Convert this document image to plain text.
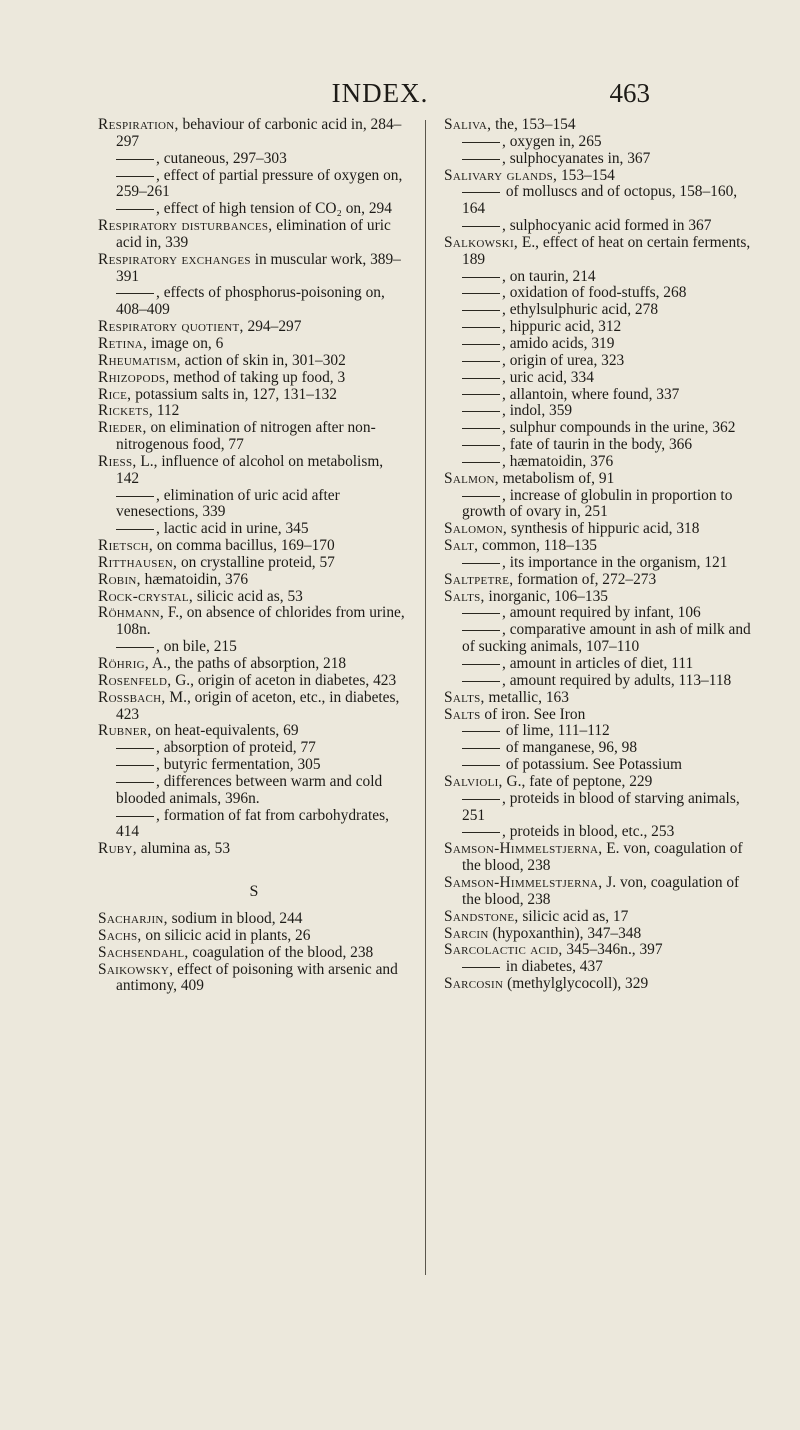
INDEX.	463

Respiration, behaviour of carbonic acid in, 284–297

, cutaneous, 297–303

, effect of partial pressure of oxygen on, 259–261

, effect of high tension of CO₂ on, 294

Respiratory disturbances, elimination of uric acid in, 339

Respiratory exchanges in muscular work, 389–391

, effects of phosphorus-poisoning on, 408–409

Respiratory quotient, 294–297

Retina, image on, 6

Rheumatism, action of skin in, 301–302

Rhizopods, method of taking up food, 3

Rice, potassium salts in, 127, 131–132

Rickets, 112

Rieder, on elimination of nitrogen after non-nitrogenous food, 77

Riess, L., influence of alcohol on metabolism, 142

, elimination of uric acid after venesections, 339

, lactic acid in urine, 345

Rietsch, on comma bacillus, 169–170

Ritthausen, on crystalline proteid, 57

Robin, hæmatoidin, 376

Rock-crystal, silicic acid as, 53

Röhmann, F., on absence of chlorides from urine, 108n.

, on bile, 215

Röhrig, A., the paths of absorption, 218

Rosenfeld, G., origin of aceton in diabetes, 423

Rossbach, M., origin of aceton, etc., in diabetes, 423

Rubner, on heat-equivalents, 69

, absorption of proteid, 77

, butyric fermentation, 305

, differences between warm and cold blooded animals, 396n.

, formation of fat from carbohydrates, 414

Ruby, alumina as, 53

S

Sacharjin, sodium in blood, 244

Sachs, on silicic acid in plants, 26

Sachsendahl, coagulation of the blood, 238

Saikowsky, effect of poisoning with arsenic and antimony, 409

Saliva, the, 153–154

, oxygen in, 265

, sulphocyanates in, 367

Salivary glands, 153–154

of molluscs and of octopus, 158–160, 164

, sulphocyanic acid formed in 367

Salkowski, E., effect of heat on certain ferments, 189

, on taurin, 214

, oxidation of food-stuffs, 268

, ethylsulphuric acid, 278

, hippuric acid, 312

, amido acids, 319

, origin of urea, 323

, uric acid, 334

, allantoin, where found, 337

, indol, 359

, sulphur compounds in the urine, 362

, fate of taurin in the body, 366

, hæmatoidin, 376

Salmon, metabolism of, 91

, increase of globulin in proportion to growth of ovary in, 251

Salomon, synthesis of hippuric acid, 318

Salt, common, 118–135

, its importance in the organism, 121

Saltpetre, formation of, 272–273

Salts, inorganic, 106–135

, amount required by infant, 106

, comparative amount in ash of milk and of sucking animals, 107–110

, amount in articles of diet, 111

, amount required by adults, 113–118

Salts, metallic, 163

Salts of iron. See Iron

of lime, 111–112

of manganese, 96, 98

of potassium. See Potassium

Salvioli, G., fate of peptone, 229

, proteids in blood of starving animals, 251

, proteids in blood, etc., 253

Samson-Himmelstjerna, E. von, coagulation of the blood, 238

Samson-Himmelstjerna, J. von, coagulation of the blood, 238

Sandstone, silicic acid as, 17

Sarcin (hypoxanthin), 347–348

Sarcolactic acid, 345–346n., 397

in diabetes, 437

Sarcosin (methylglycocoll), 329
